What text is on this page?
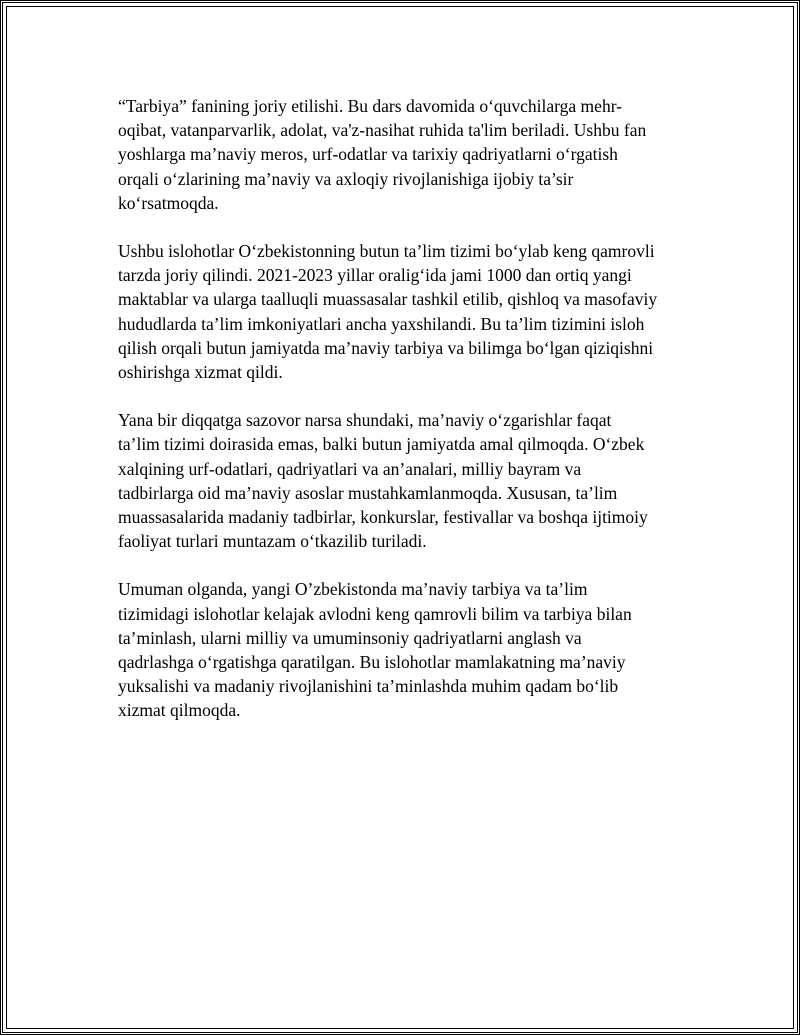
“Tarbiya” fanining joriy etilishi. Bu dars davomida o‘quvchilarga mehr-
oqibat, vatanparvarlik, adolat, va'z-nasihat ruhida ta'lim beriladi. Ushbu fan
yoshlarga ma’naviy meros, urf-odatlar va tarixiy qadriyatlarni o‘rgatish
orqali o‘zlarining ma’naviy va axloqiy rivojlanishiga ijobiy ta’sir
ko‘rsatmoqda.

Ushbu islohotlar O‘zbekistonning butun ta’lim tizimi bo‘ylab keng qamrovli
tarzda joriy qilindi. 2021-2023 yillar oralig‘ida jami 1000 dan ortiq yangi
maktablar va ularga taalluqli muassasalar tashkil etilib, qishloq va masofaviy
hududlarda ta’lim imkoniyatlari ancha yaxshilandi. Bu ta’lim tizimini isloh
qilish orqali butun jamiyatda ma’naviy tarbiya va bilimga bo‘lgan qiziqishni
oshirishga xizmat qildi.

Yana bir diqqatga sazovor narsa shundaki, ma’naviy o‘zgarishlar faqat
ta’lim tizimi doirasida emas, balki butun jamiyatda amal qilmoqda. O‘zbek
xalqining urf-odatlari, qadriyatlari va an’analari, milliy bayram va
tadbirlarga oid ma’naviy asoslar mustahkamlanmoqda. Xususan, ta’lim
muassasalarida madaniy tadbirlar, konkurslar, festivallar va boshqa ijtimoiy
faoliyat turlari muntazam o‘tkazilib turiladi.

Umuman olganda, yangi O’zbekistonda ma’naviy tarbiya va ta’lim
tizimidagi islohotlar kelajak avlodni keng qamrovli bilim va tarbiya bilan
ta’minlash, ularni milliy va umuminsoniy qadriyatlarni anglash va
qadrlashga o‘rgatishga qaratilgan. Bu islohotlar mamlakatning ma’naviy
yuksalishi va madaniy rivojlanishini ta’minlashda muhim qadam bo‘lib
xizmat qilmoqda.
